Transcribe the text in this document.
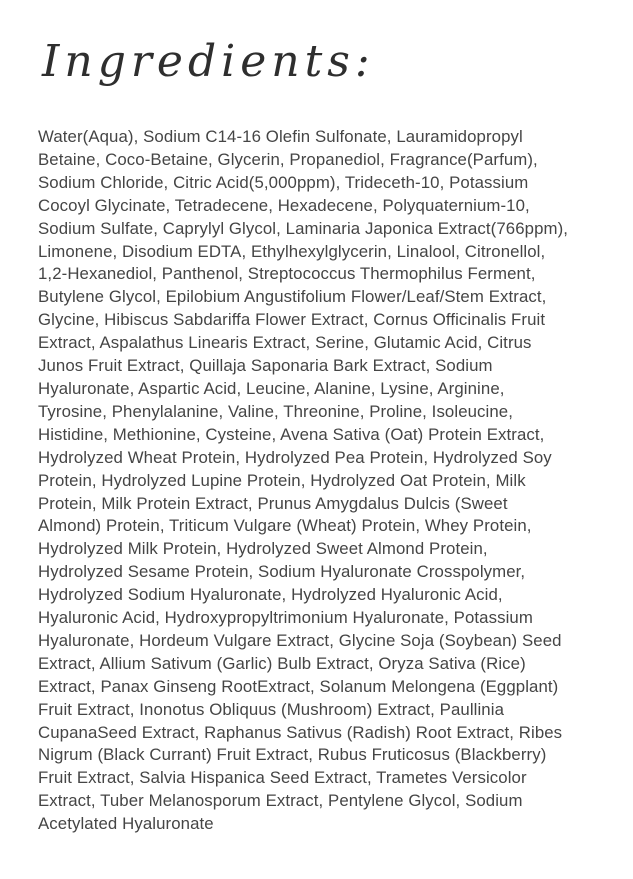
Ingredients:
Water(Aqua), Sodium C14-16 Olefin Sulfonate, Lauramidopropyl
Betaine, Coco-Betaine, Glycerin, Propanediol, Fragrance(Parfum),
Sodium Chloride, Citric Acid(5,000ppm), Trideceth-10, Potassium
Cocoyl Glycinate, Tetradecene, Hexadecene, Polyquaternium-10,
Sodium Sulfate, Caprylyl Glycol, Laminaria Japonica Extract(766ppm),
Limonene, Disodium EDTA, Ethylhexylglycerin, Linalool, Citronellol,
1,2-Hexanediol, Panthenol, Streptococcus Thermophilus Ferment,
Butylene Glycol, Epilobium Angustifolium Flower/Leaf/Stem Extract,
Glycine, Hibiscus Sabdariffa Flower Extract, Cornus Officinalis Fruit
Extract, Aspalathus Linearis Extract, Serine, Glutamic Acid, Citrus
Junos Fruit Extract, Quillaja Saponaria Bark Extract, Sodium
Hyaluronate, Aspartic Acid, Leucine, Alanine, Lysine, Arginine,
Tyrosine, Phenylalanine, Valine, Threonine, Proline, Isoleucine,
Histidine, Methionine, Cysteine, Avena Sativa (Oat) Protein Extract,
Hydrolyzed Wheat Protein, Hydrolyzed Pea Protein, Hydrolyzed Soy
Protein, Hydrolyzed Lupine Protein, Hydrolyzed Oat Protein, Milk
Protein, Milk Protein Extract, Prunus Amygdalus Dulcis (Sweet
Almond) Protein, Triticum Vulgare (Wheat) Protein, Whey Protein,
Hydrolyzed Milk Protein, Hydrolyzed Sweet Almond Protein,
Hydrolyzed Sesame Protein, Sodium Hyaluronate Crosspolymer,
Hydrolyzed Sodium Hyaluronate, Hydrolyzed Hyaluronic Acid,
Hyaluronic Acid, Hydroxypropyltrimonium Hyaluronate, Potassium
Hyaluronate, Hordeum Vulgare Extract, Glycine Soja (Soybean) Seed
Extract, Allium Sativum (Garlic) Bulb Extract, Oryza Sativa (Rice)
Extract, Panax Ginseng RootExtract, Solanum Melongena (Eggplant)
Fruit Extract, Inonotus Obliquus (Mushroom) Extract, Paullinia
CupanaSeed Extract, Raphanus Sativus (Radish) Root Extract, Ribes
Nigrum (Black Currant) Fruit Extract, Rubus Fruticosus (Blackberry)
Fruit Extract, Salvia Hispanica Seed Extract, Trametes Versicolor
Extract, Tuber Melanosporum Extract, Pentylene Glycol, Sodium
Acetylated Hyaluronate
